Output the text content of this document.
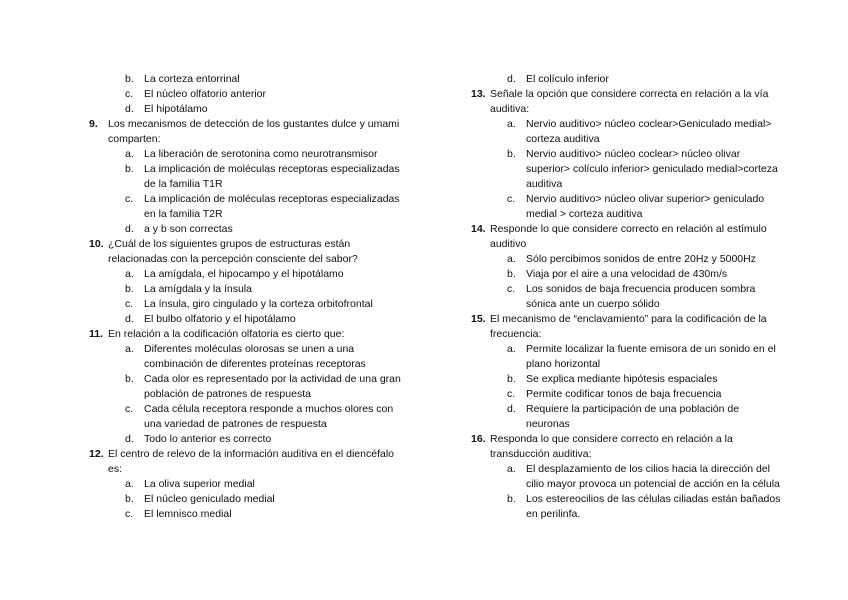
b. La corteza entorrinal
c.	El núcleo olfatorio anterior
d. El hipotálamo
9. Los mecanismos de detección de los gustantes dulce y umami
comparten:
a. La liberación de serotonina como neurotransmisor
b. La implicación de moléculas receptoras especializadas
de la familia T1R
c.	La implicación de moléculas receptoras especializadas
en la familia T2R
d. a y b son correctas
10. ¿Cuál de los siguientes grupos de estructuras están
relacionadas con la percepción consciente del sabor?
a. La amígdala, el hipocampo y el hipotálamo
b. La amígdala y la ínsula
c.	La ínsula, giro cingulado y la corteza orbitofrontal
d. El bulbo olfatorio y el hipotálamo
11. En relación a la codificación olfatoria es cierto que:
a. Diferentes moléculas olorosas se unen a una
combinación de diferentes proteínas receptoras
b. Cada olor es representado por la actividad de una gran
población de patrones de respuesta
c.	Cada célula receptora responde a muchos olores con
una variedad de patrones de respuesta
d. Todo lo anterior es correcto
12. El centro de relevo de la información auditiva en el diencéfalo
es:
a. La oliva superior medial
b. El núcleo geniculado medial
c.	El lemnisco medial
d. El colículo inferior
13. Señale la opción que considere correcta en relación a la vía
auditiva:
a. Nervio auditivo> núcleo coclear>Geniculado medial>
corteza auditiva
b. Nervio auditivo> núcleo coclear> núcleo olivar
superior> colículo inferior> geniculado medial>corteza
auditiva
c.	Nervio auditivo> núcleo olivar superior> geniculado
medial > corteza auditiva
14. Responde lo que considere correcto en relación al estímulo
auditivo
a. Sólo percibimos sonidos de entre 20Hz y 5000Hz
b. Viaja por el aire a una velocidad de 430m/s
c.	Los sonidos de baja frecuencia producen sombra
sónica ante un cuerpo sólido
15. El mecanismo de “enclavamiento” para la codificación de la
frecuencia:
a. Permite localizar la fuente emisora de un sonido en el
plano horizontal
b. Se explica mediante hipótesis espaciales
c.	Permite codificar tonos de baja frecuencia
d. Requiere la participación de una población de
neuronas
16. Responda lo que considere correcto en relación a la
transducción auditiva:
a. El desplazamiento de los cilios hacia la dirección del
cilio mayor provoca un potencial de acción en la célula
b. Los estereocilios de las células ciliadas están bañados
en perilinfa.
